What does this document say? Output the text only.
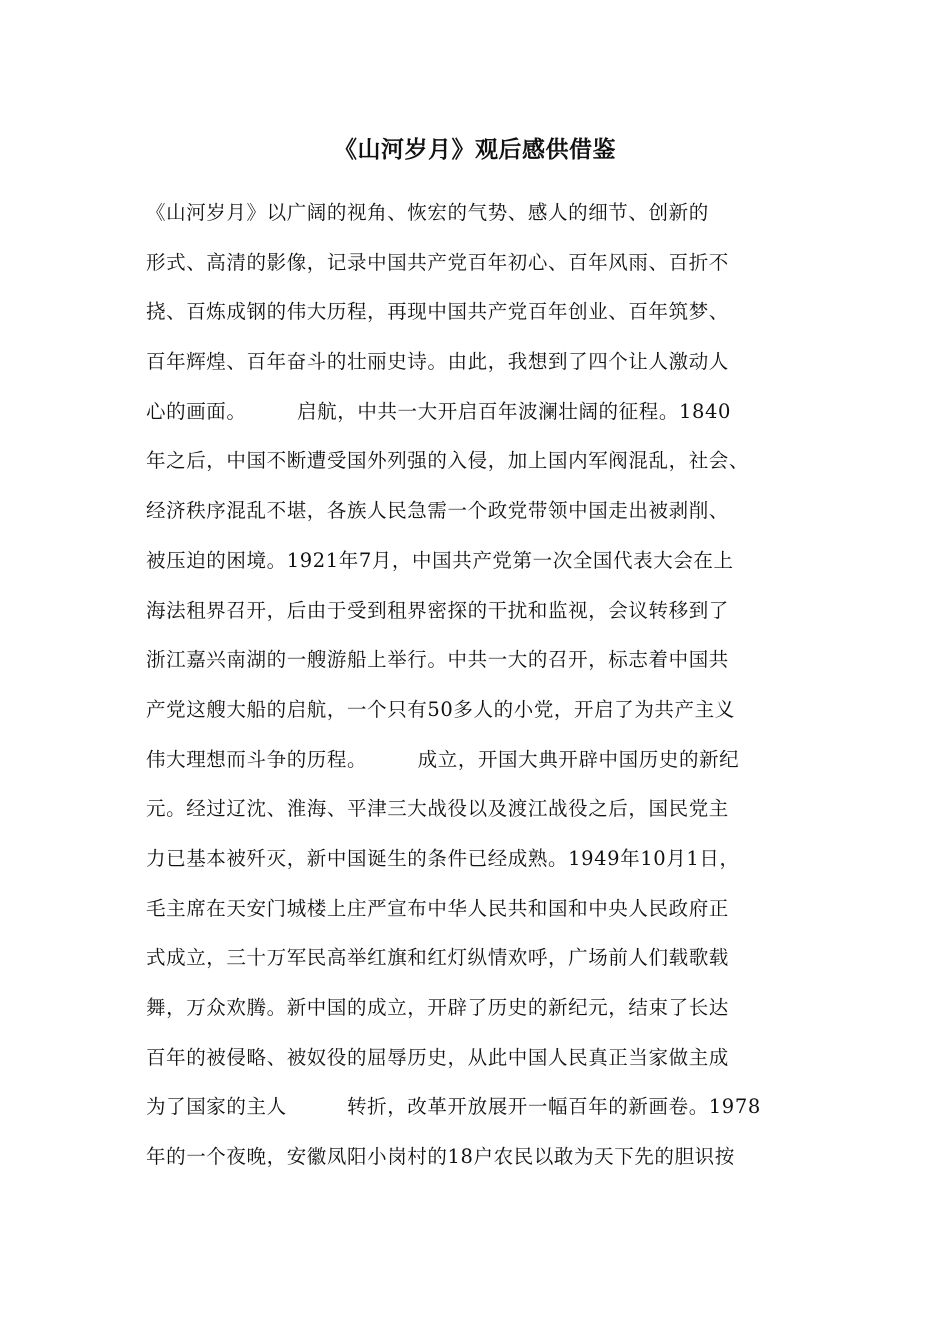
《山河岁月》观后感供借鉴
《山河岁月》以广阔的视角、恢宏的气势、感人的细节、创新的
形式、高清的影像，记录中国共产党百年初心、百年风雨、百折不
挠、百炼成钢的伟大历程，再现中国共产党百年创业、百年筑梦、
百年辉煌、百年奋斗的壮丽史诗。由此，我想到了四个让人激动人
心的画面。　　　启航，中共一大开启百年波澜壮阔的征程。1840
年之后，中国不断遭受国外列强的入侵，加上国内军阀混乱，社会、
经济秩序混乱不堪，各族人民急需一个政党带领中国走出被剥削、
被压迫的困境。1921年7月，中国共产党第一次全国代表大会在上
海法租界召开，后由于受到租界密探的干扰和监视，会议转移到了
浙江嘉兴南湖的一艘游船上举行。中共一大的召开，标志着中国共
产党这艘大船的启航，一个只有50多人的小党，开启了为共产主义
伟大理想而斗争的历程。　　　成立，开国大典开辟中国历史的新纪
元。经过辽沈、淮海、平津三大战役以及渡江战役之后，国民党主
力已基本被歼灭，新中国诞生的条件已经成熟。1949年10月1日，
毛主席在天安门城楼上庄严宣布中华人民共和国和中央人民政府正
式成立，三十万军民高举红旗和红灯纵情欢呼，广场前人们载歌载
舞，万众欢腾。新中国的成立，开辟了历史的新纪元，结束了长达
百年的被侵略、被奴役的屈辱历史，从此中国人民真正当家做主成
为了国家的主人　　　转折，改革开放展开一幅百年的新画卷。1978
年的一个夜晚，安徽凤阳小岗村的18户农民以敢为天下先的胆识按
